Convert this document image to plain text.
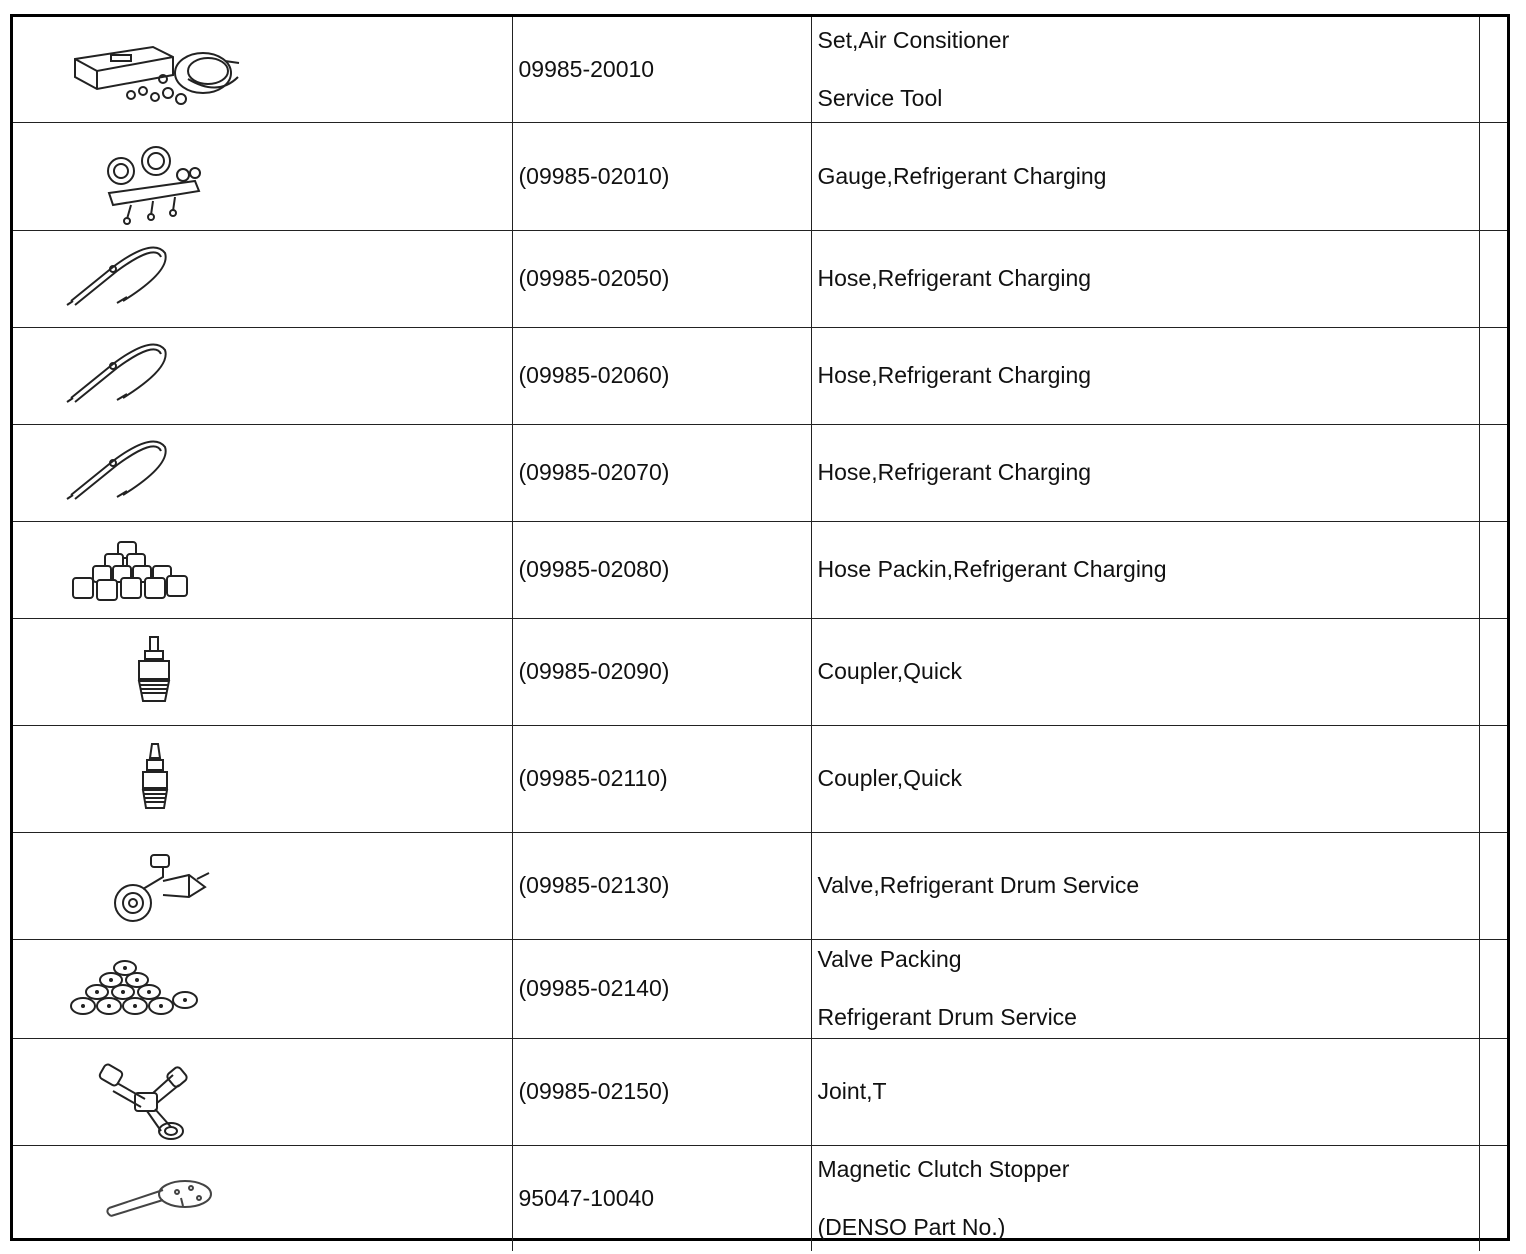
	09985-20010	Set,Air Consitioner
Service Tool	

	(09985-02010)	Gauge,Refrigerant Charging	

	(09985-02050)	Hose,Refrigerant Charging	

	(09985-02060)	Hose,Refrigerant Charging	

	(09985-02070)	Hose,Refrigerant Charging	

	(09985-02080)	Hose Packin,Refrigerant Charging	

	(09985-02090)	Coupler,Quick	

	(09985-02110)	Coupler,Quick	

	(09985-02130)	Valve,Refrigerant Drum Service	

	(09985-02140)	Valve Packing
Refrigerant Drum Service	

	(09985-02150)	Joint,T	

	95047-10040	Magnetic Clutch Stopper
(DENSO Part No.)	
